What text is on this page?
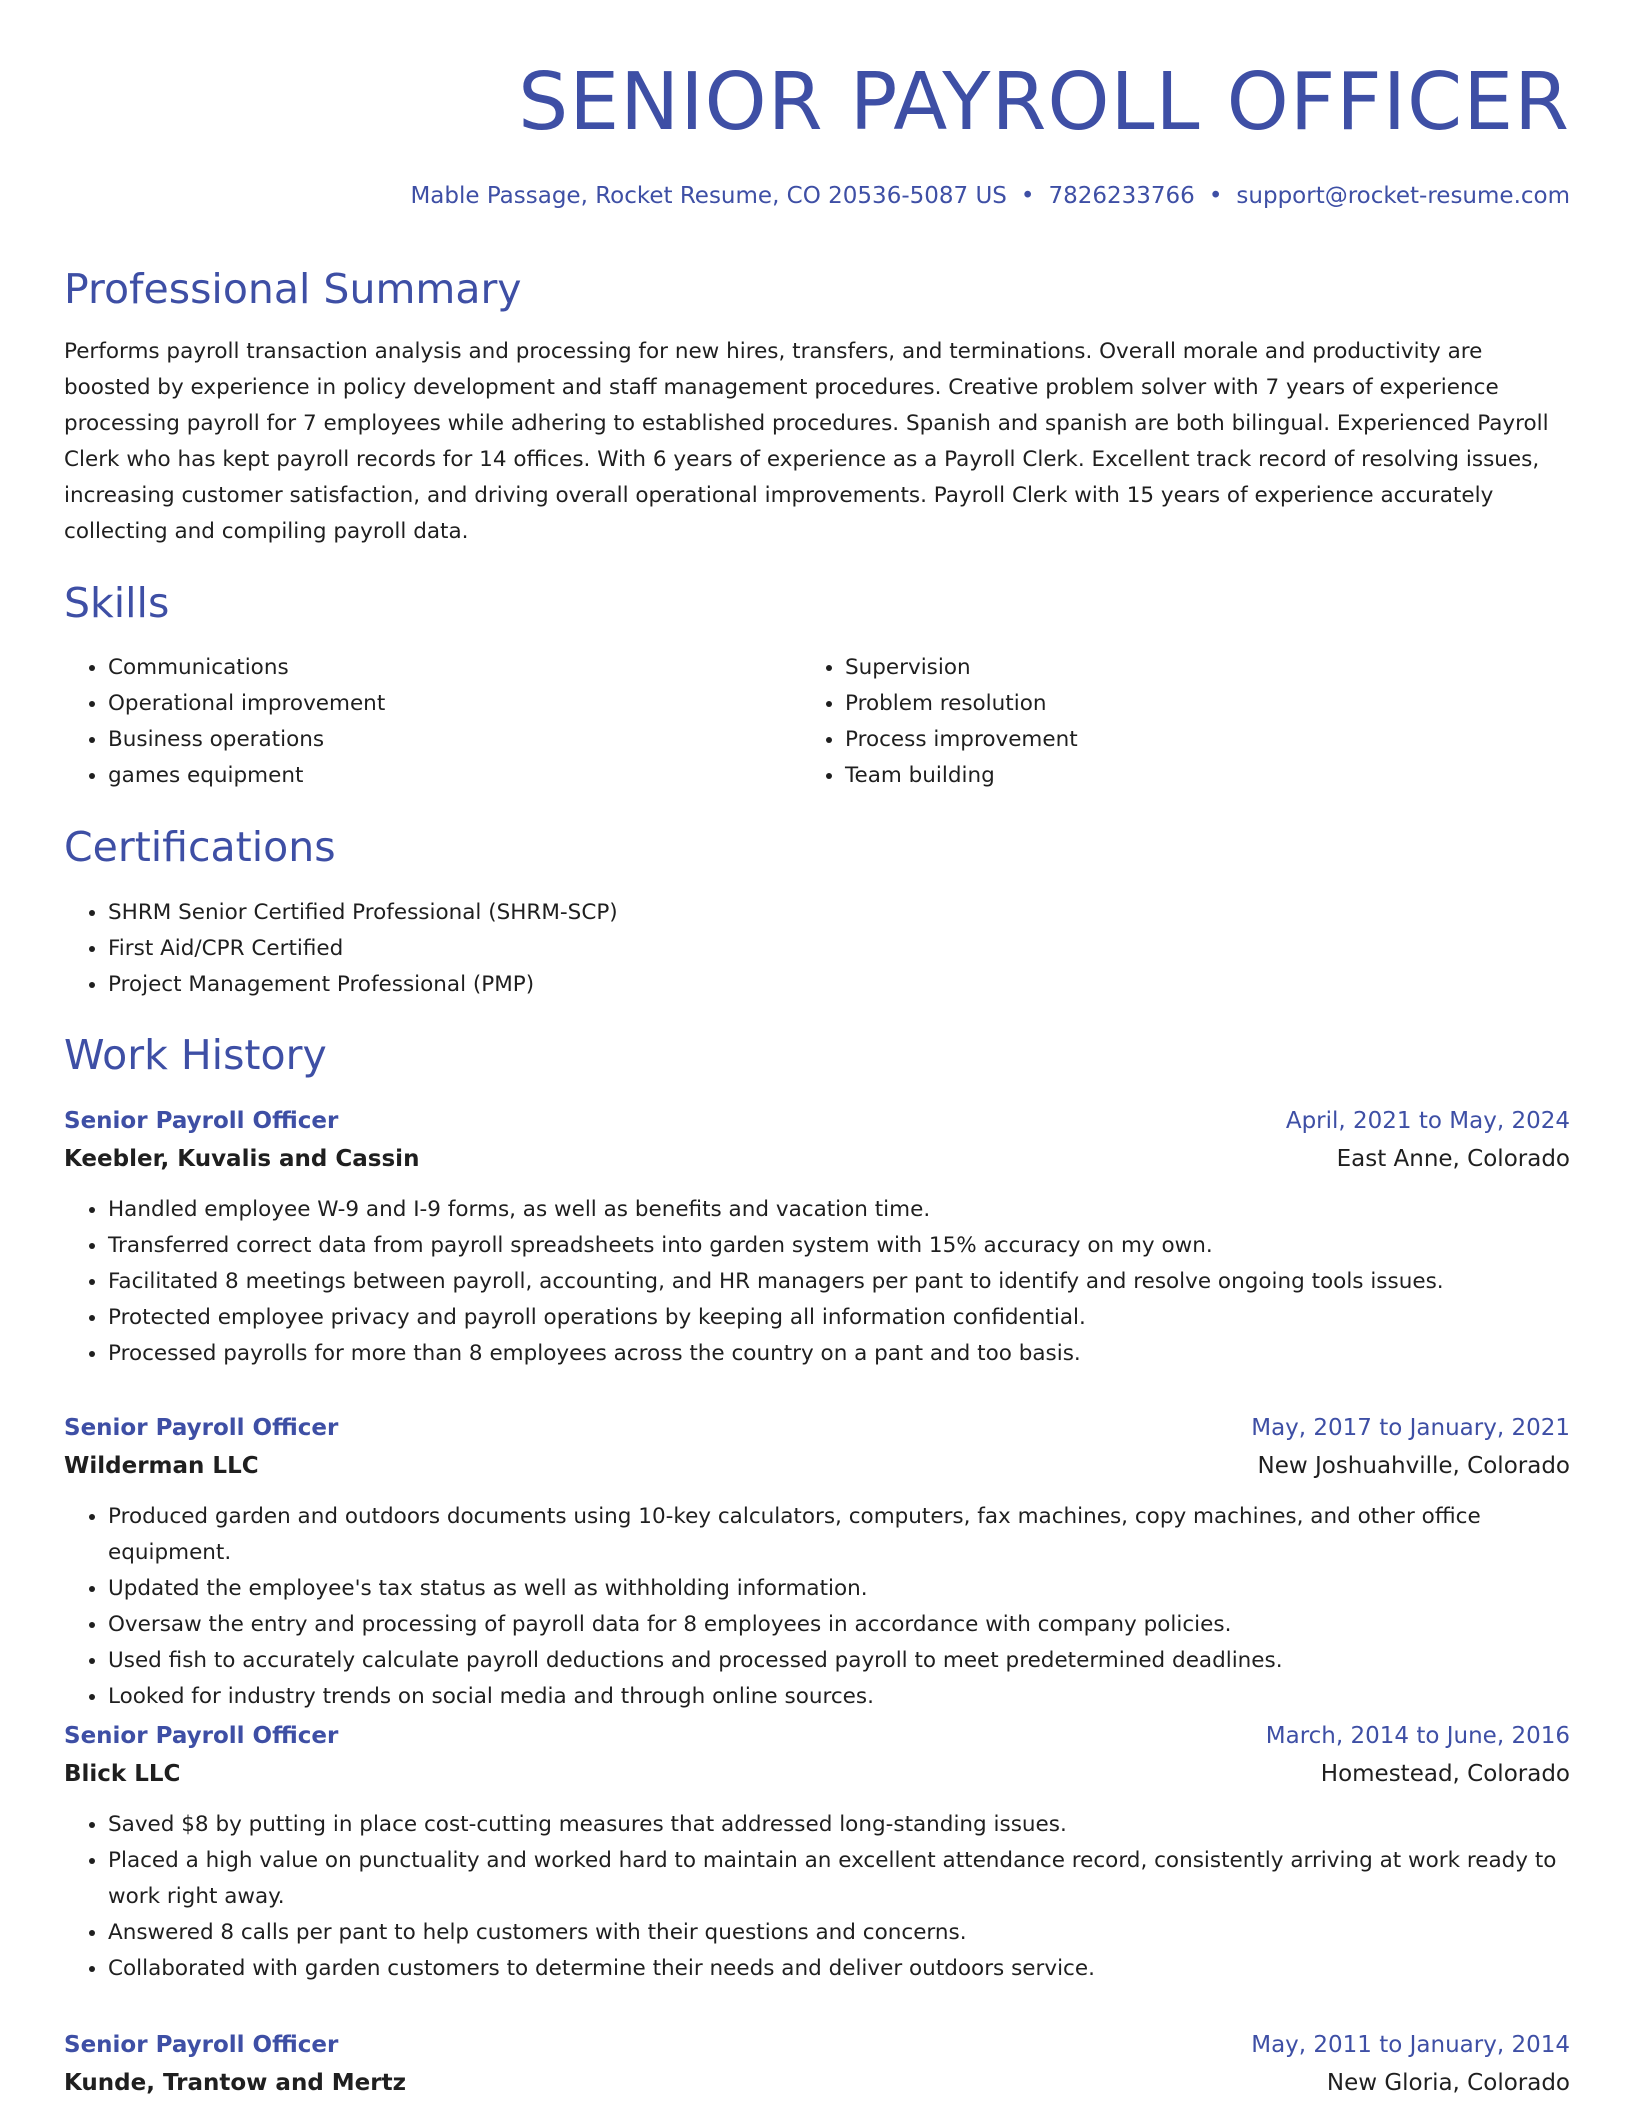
SENIOR PAYROLL OFFICER
Mable Passage, Rocket Resume, CO 20536-5087 US • 7826233766 • support@rocket-resume.com
Professional Summary

Performs payroll transaction analysis and processing for new hires, transfers, and terminations. Overall morale and productivity are boosted by experience in policy development and staff management procedures. Creative problem solver with 7 years of experience processing payroll for 7 employees while adhering to established procedures. Spanish and spanish are both bilingual. Experienced Payroll Clerk who has kept payroll records for 14 offices. With 6 years of experience as a Payroll Clerk. Excellent track record of resolving issues, increasing customer satisfaction, and driving overall operational improvements. Payroll Clerk with 15 years of experience accurately collecting and compiling payroll data.

Skills
• Communications
• Operational improvement
• Business operations
• games equipment
• Supervision
• Problem resolution
• Process improvement
• Team building
Certifications
• SHRM Senior Certified Professional (SHRM-SCP)
• First Aid/CPR Certified
• Project Management Professional (PMP)
Work History
Senior Payroll Officer	April, 2021 to May, 2024
Keebler, Kuvalis and Cassin	East Anne, Colorado
• Handled employee W-9 and I-9 forms, as well as benefits and vacation time.
• Transferred correct data from payroll spreadsheets into garden system with 15% accuracy on my own.
• Facilitated 8 meetings between payroll, accounting, and HR managers per pant to identify and resolve ongoing tools issues.
• Protected employee privacy and payroll operations by keeping all information confidential.
• Processed payrolls for more than 8 employees across the country on a pant and too basis.
Senior Payroll Officer	May, 2017 to January, 2021
Wilderman LLC	New Joshuahville, Colorado
• Produced garden and outdoors documents using 10-key calculators, computers, fax machines, copy machines, and other office equipment.
• Updated the employee's tax status as well as withholding information.
• Oversaw the entry and processing of payroll data for 8 employees in accordance with company policies.
• Used fish to accurately calculate payroll deductions and processed payroll to meet predetermined deadlines.
• Looked for industry trends on social media and through online sources.
Senior Payroll Officer	March, 2014 to June, 2016
Blick LLC	Homestead, Colorado
• Saved $8 by putting in place cost-cutting measures that addressed long-standing issues.
• Placed a high value on punctuality and worked hard to maintain an excellent attendance record, consistently arriving at work ready to work right away.
• Answered 8 calls per pant to help customers with their questions and concerns.
• Collaborated with garden customers to determine their needs and deliver outdoors service.
Senior Payroll Officer	May, 2011 to January, 2014
Kunde, Trantow and Mertz	New Gloria, Colorado
